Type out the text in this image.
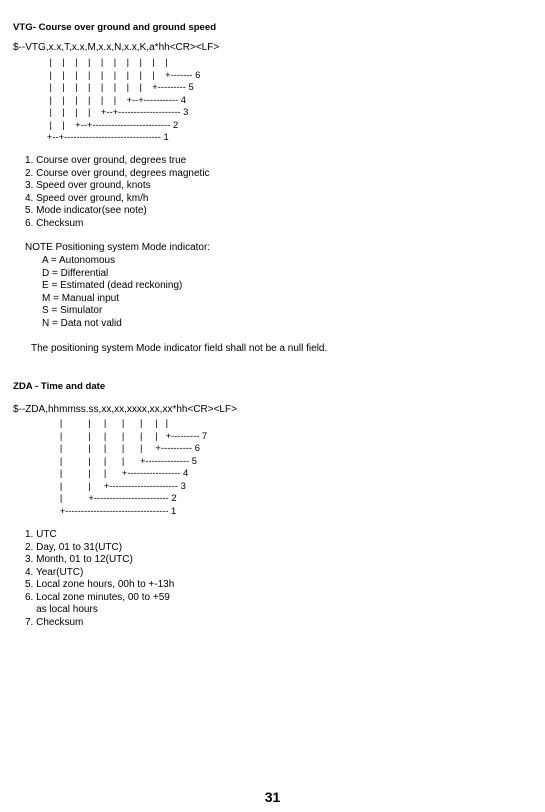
VTG- Course over ground and ground speed
$--VTG,x.x,T,x.x,M,x.x,N,x.x,K,a*hh<CR><LF>
|    |    |    |    |    |    |    |    |    |
|    |    |    |    |    |    |    |    |    +------- 6
|    |    |    |    |    |    |    |    +--------- 5
|    |    |    |    |    |    +--+----------- 4
|    |    |    |    +--+-------------------- 3
|    |    +--+------------------------- 2
+--+------------------------------- 1
1. Course over ground, degrees true
2. Course over ground, degrees magnetic
3. Speed over ground, knots
4. Speed over ground, km/h
5. Mode indicator(see note)
6. Checksum
NOTE Positioning system Mode indicator:
A = Autonomous
D = Differential
E = Estimated (dead reckoning)
M = Manual input
S = Simulator
N = Data not valid
The positioning system Mode indicator field shall not be a null field.
ZDA - Time and date
$--ZDA,hhmmss.ss,xx,xx,xxxx,xx,xx*hh<CR><LF>
|          |     |      |      |     |   |
|          |     |      |      |     |   +--------- 7
|          |     |      |      |     +---------- 6
|          |     |      |      +-------------- 5
|          |     |      +----------------- 4
|          |     +---------------------- 3
|          +------------------------ 2
+--------------------------------- 1
1. UTC
2. Day, 01 to 31(UTC)
3. Month, 01 to 12(UTC)
4. Year(UTC)
5. Local zone hours, 00h to +-13h
6. Local zone minutes, 00 to +59
as local hours
7. Checksum
31
